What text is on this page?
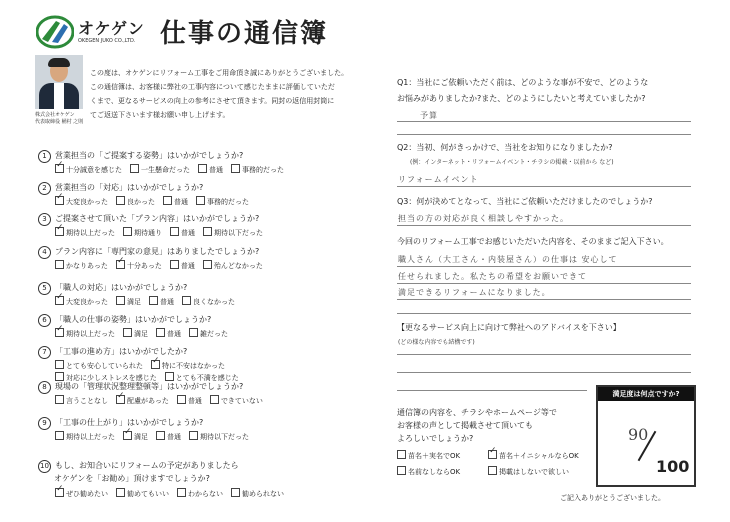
オケゲン
OKEGEN JUKO CO.,LTD. 仕事の通信簿
株式会社オケゲン
代表取締役 桶村 之則
この度は、オケゲンにリフォーム工事をご用命頂き誠にありがとうございました。
この通信簿は、お客様に弊社の工事内容について感じたままに評価していただ
くまで、更なるサービスの向上の参考にさせて頂きます。同封の返信用封筒に
てご返送下さいます様お願い申し上げます。
1 営業担当の「ご提案する姿勢」はいかがでしょうか?
✓十分誠意を感じた	一生懸命だった	普通	事務的だった
2 営業担当の「対応」はいかがでしょうか?
✓大変良かった	良かった	普通	事務的だった
3 ご提案させて頂いた「プラン内容」はいかがでしょうか?
✓期待以上だった	期待通り	普通	期待以下だった
4 プラン内容に「専門家の意見」はありましたでしょうか?
かなりあった ✓	十分あった	普通	殆んどなかった
5 「職人の対応」はいかがでしょうか?
✓大変良かった	満足	普通	良くなかった
6 「職人の仕事の姿勢」はいかがでしょうか?
✓期待以上だった	満足	普通	雑だった
7 「工事の進め方」はいかがでしたか?
とても安心していられた ✓	特に不安はなかった
対応に少しストレスを感じた	とても不満を感じた
8 現場の「管理状況整理整頓等」はいかがでしょうか?
言うことなし ✓	配慮があった	普通	できていない
9 「工事の仕上がり」はいかがでしょうか?
期待以上だった ✓	満足	普通	期待以下だった
10 もし、お知合いにリフォームの予定がありましたら
オケゲンを「お勧め」頂けますでしょうか?
✓ぜひ勧めたい	勧めてもいい	わからない	勧められない
Q1：当社にご依頼いただく前は、どのような事が不安で、どのような
お悩みがありましたか?また、どのようにしたいと考えていましたか?
予算
Q2：当初、何がきっかけで、当社をお知りになりましたか?
(例：インターネット・リフォームイベント・チラシの掲載・以前から など)
リフォームイベント
Q3：何が決めてとなって、当社にご依頼いただけましたのでしょうか?
担当の方の対応が良く相談しやすかった。
今回のリフォーム工事でお感じいただいた内容を、そのままご記入下さい。
職人さん（大工さん・内装屋さん）の仕事は 安心して
任せられました。私たちの希望をお願いできて
満足できるリフォームになりました。
【更なるサービス向上に向けて弊社へのアドバイスを下さい】
(どの様な内容でも結構です)
通信簿の内容を、チラシやホームページ等で
お客様の声として掲載させて頂いても
よろしいでしょうか?
苗名＋実名でOK ✓	苗名＋イニシャルならOK
名前なしならOK	掲載はしないで欲しい
満足度は何点ですか?
90
100
ご記入ありがとうございました。
